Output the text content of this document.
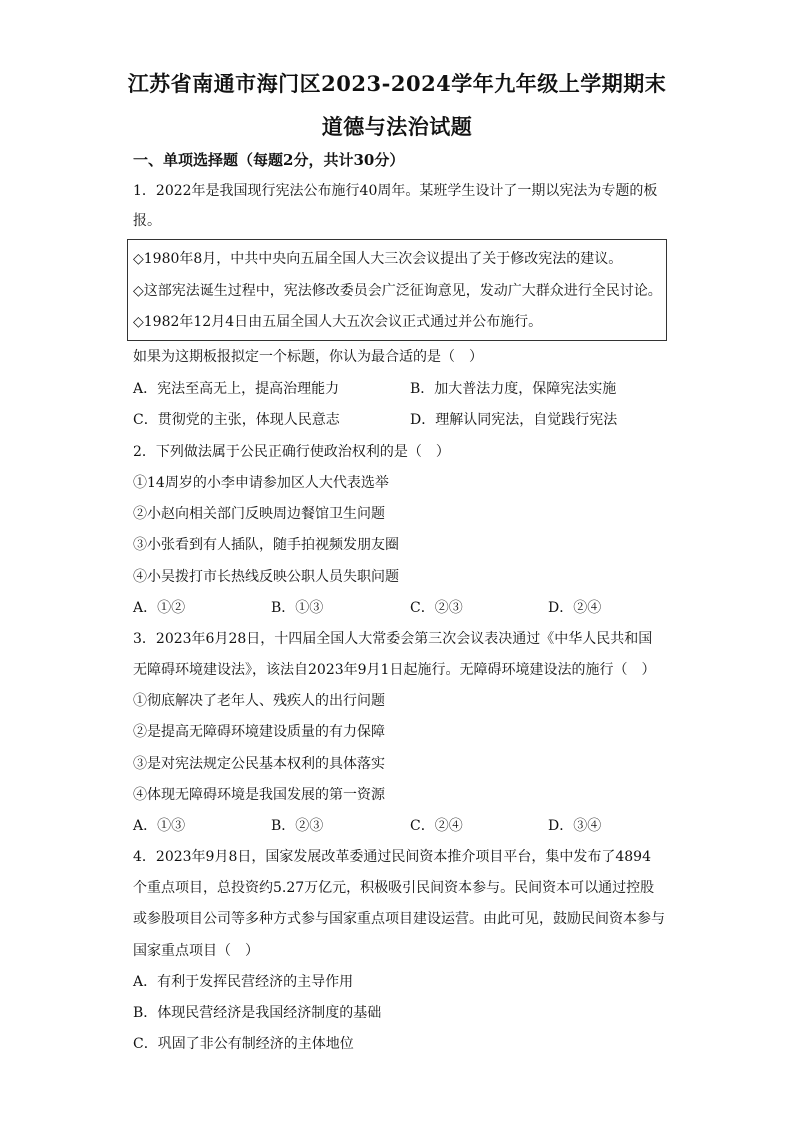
江苏省南通市海门区2023-2024学年九年级上学期期末
道德与法治试题
一、单项选择题（每题2分，共计30分）
1．2022年是我国现行宪法公布施行40周年。某班学生设计了一期以宪法为专题的板
报。
◇1980年8月，中共中央向五届全国人大三次会议提出了关于修改宪法的建议。
◇这部宪法诞生过程中，宪法修改委员会广泛征询意见，发动广大群众进行全民讨论。
◇1982年12月4日由五届全国人大五次会议正式通过并公布施行。
如果为这期板报拟定一个标题，你认为最合适的是（　）
A．宪法至高无上，提高治理能力	B．加大普法力度，保障宪法实施
C．贯彻党的主张，体现人民意志	D．理解认同宪法，自觉践行宪法
2．下列做法属于公民正确行使政治权利的是（　）
①14周岁的小李申请参加区人大代表选举
②小赵向相关部门反映周边餐馆卫生问题
③小张看到有人插队，随手拍视频发朋友圈
④小吴拨打市长热线反映公职人员失职问题
A．①②	B．①③	C．②③	D．②④
3．2023年6月28日，十四届全国人大常委会第三次会议表决通过《中华人民共和国
无障碍环境建设法》，该法自2023年9月1日起施行。无障碍环境建设法的施行（　）
①彻底解决了老年人、残疾人的出行问题
②是提高无障碍环境建设质量的有力保障
③是对宪法规定公民基本权利的具体落实
④体现无障碍环境是我国发展的第一资源
A．①③	B．②③	C．②④	D．③④
4．2023年9月8日，国家发展改革委通过民间资本推介项目平台，集中发布了4894
个重点项目，总投资约5.27万亿元，积极吸引民间资本参与。民间资本可以通过控股
或参股项目公司等多种方式参与国家重点项目建设运营。由此可见，鼓励民间资本参与
国家重点项目（　）
A．有利于发挥民营经济的主导作用
B．体现民营经济是我国经济制度的基础
C．巩固了非公有制经济的主体地位
